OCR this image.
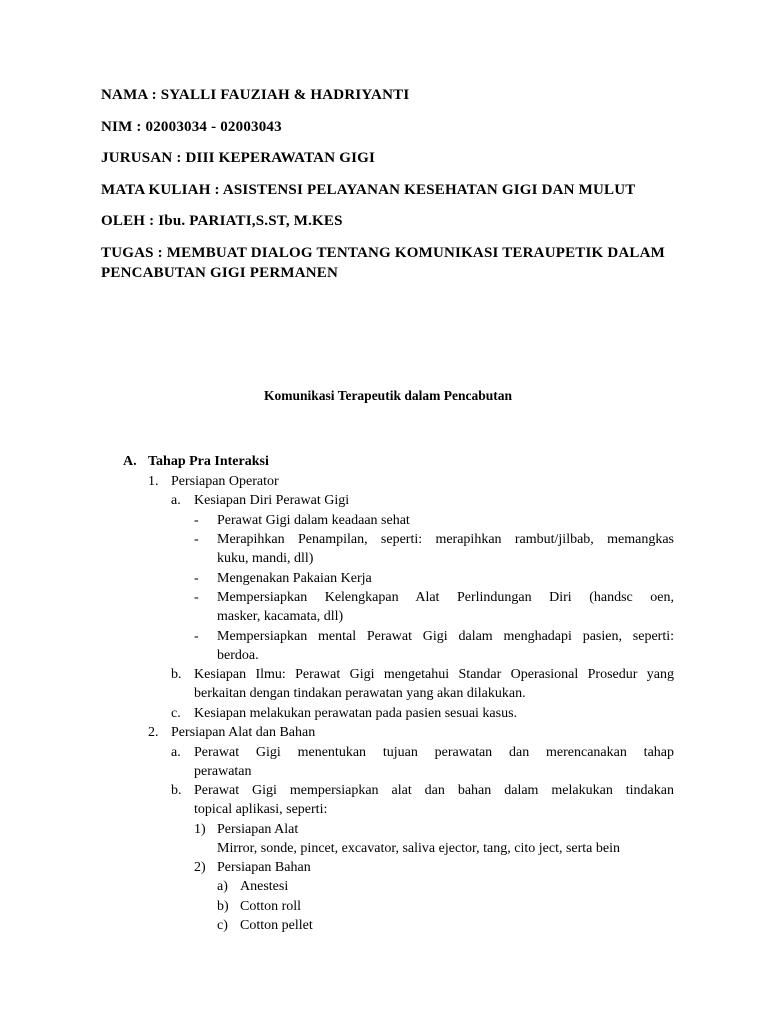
NAMA : SYALLI FAUZIAH & HADRIYANTI
NIM : 02003034 - 02003043
JURUSAN : DIII KEPERAWATAN GIGI
MATA KULIAH : ASISTENSI PELAYANAN KESEHATAN GIGI DAN MULUT
OLEH : Ibu. PARIATI,S.ST, M.KES
TUGAS : MEMBUAT DIALOG TENTANG KOMUNIKASI TERAUPETIK DALAM
PENCABUTAN GIGI PERMANEN
Komunikasi Terapeutik dalam Pencabutan
A. Tahap Pra Interaksi
1. Persiapan Operator
a. Kesiapan Diri Perawat Gigi
- Perawat Gigi dalam keadaan sehat
- Merapihkan Penampilan, seperti: merapihkan rambut/jilbab, memangkas
kuku, mandi, dll)
- Mengenakan Pakaian Kerja
- Mempersiapkan Kelengkapan Alat Perlindungan Diri (handsc oen,
masker, kacamata, dll)
- Mempersiapkan mental Perawat Gigi dalam menghadapi pasien, seperti:
berdoa.
b. Kesiapan Ilmu: Perawat Gigi mengetahui Standar Operasional Prosedur yang
berkaitan dengan tindakan perawatan yang akan dilakukan.
c. Kesiapan melakukan perawatan pada pasien sesuai kasus.
2. Persiapan Alat dan Bahan
a. Perawat Gigi menentukan tujuan perawatan dan merencanakan tahap
perawatan
b. Perawat Gigi mempersiapkan alat dan bahan dalam melakukan tindakan
topical aplikasi, seperti:
1) Persiapan Alat
Mirror, sonde, pincet, excavator, saliva ejector, tang, cito ject, serta bein
2) Persiapan Bahan
a) Anestesi
b) Cotton roll
c) Cotton pellet
